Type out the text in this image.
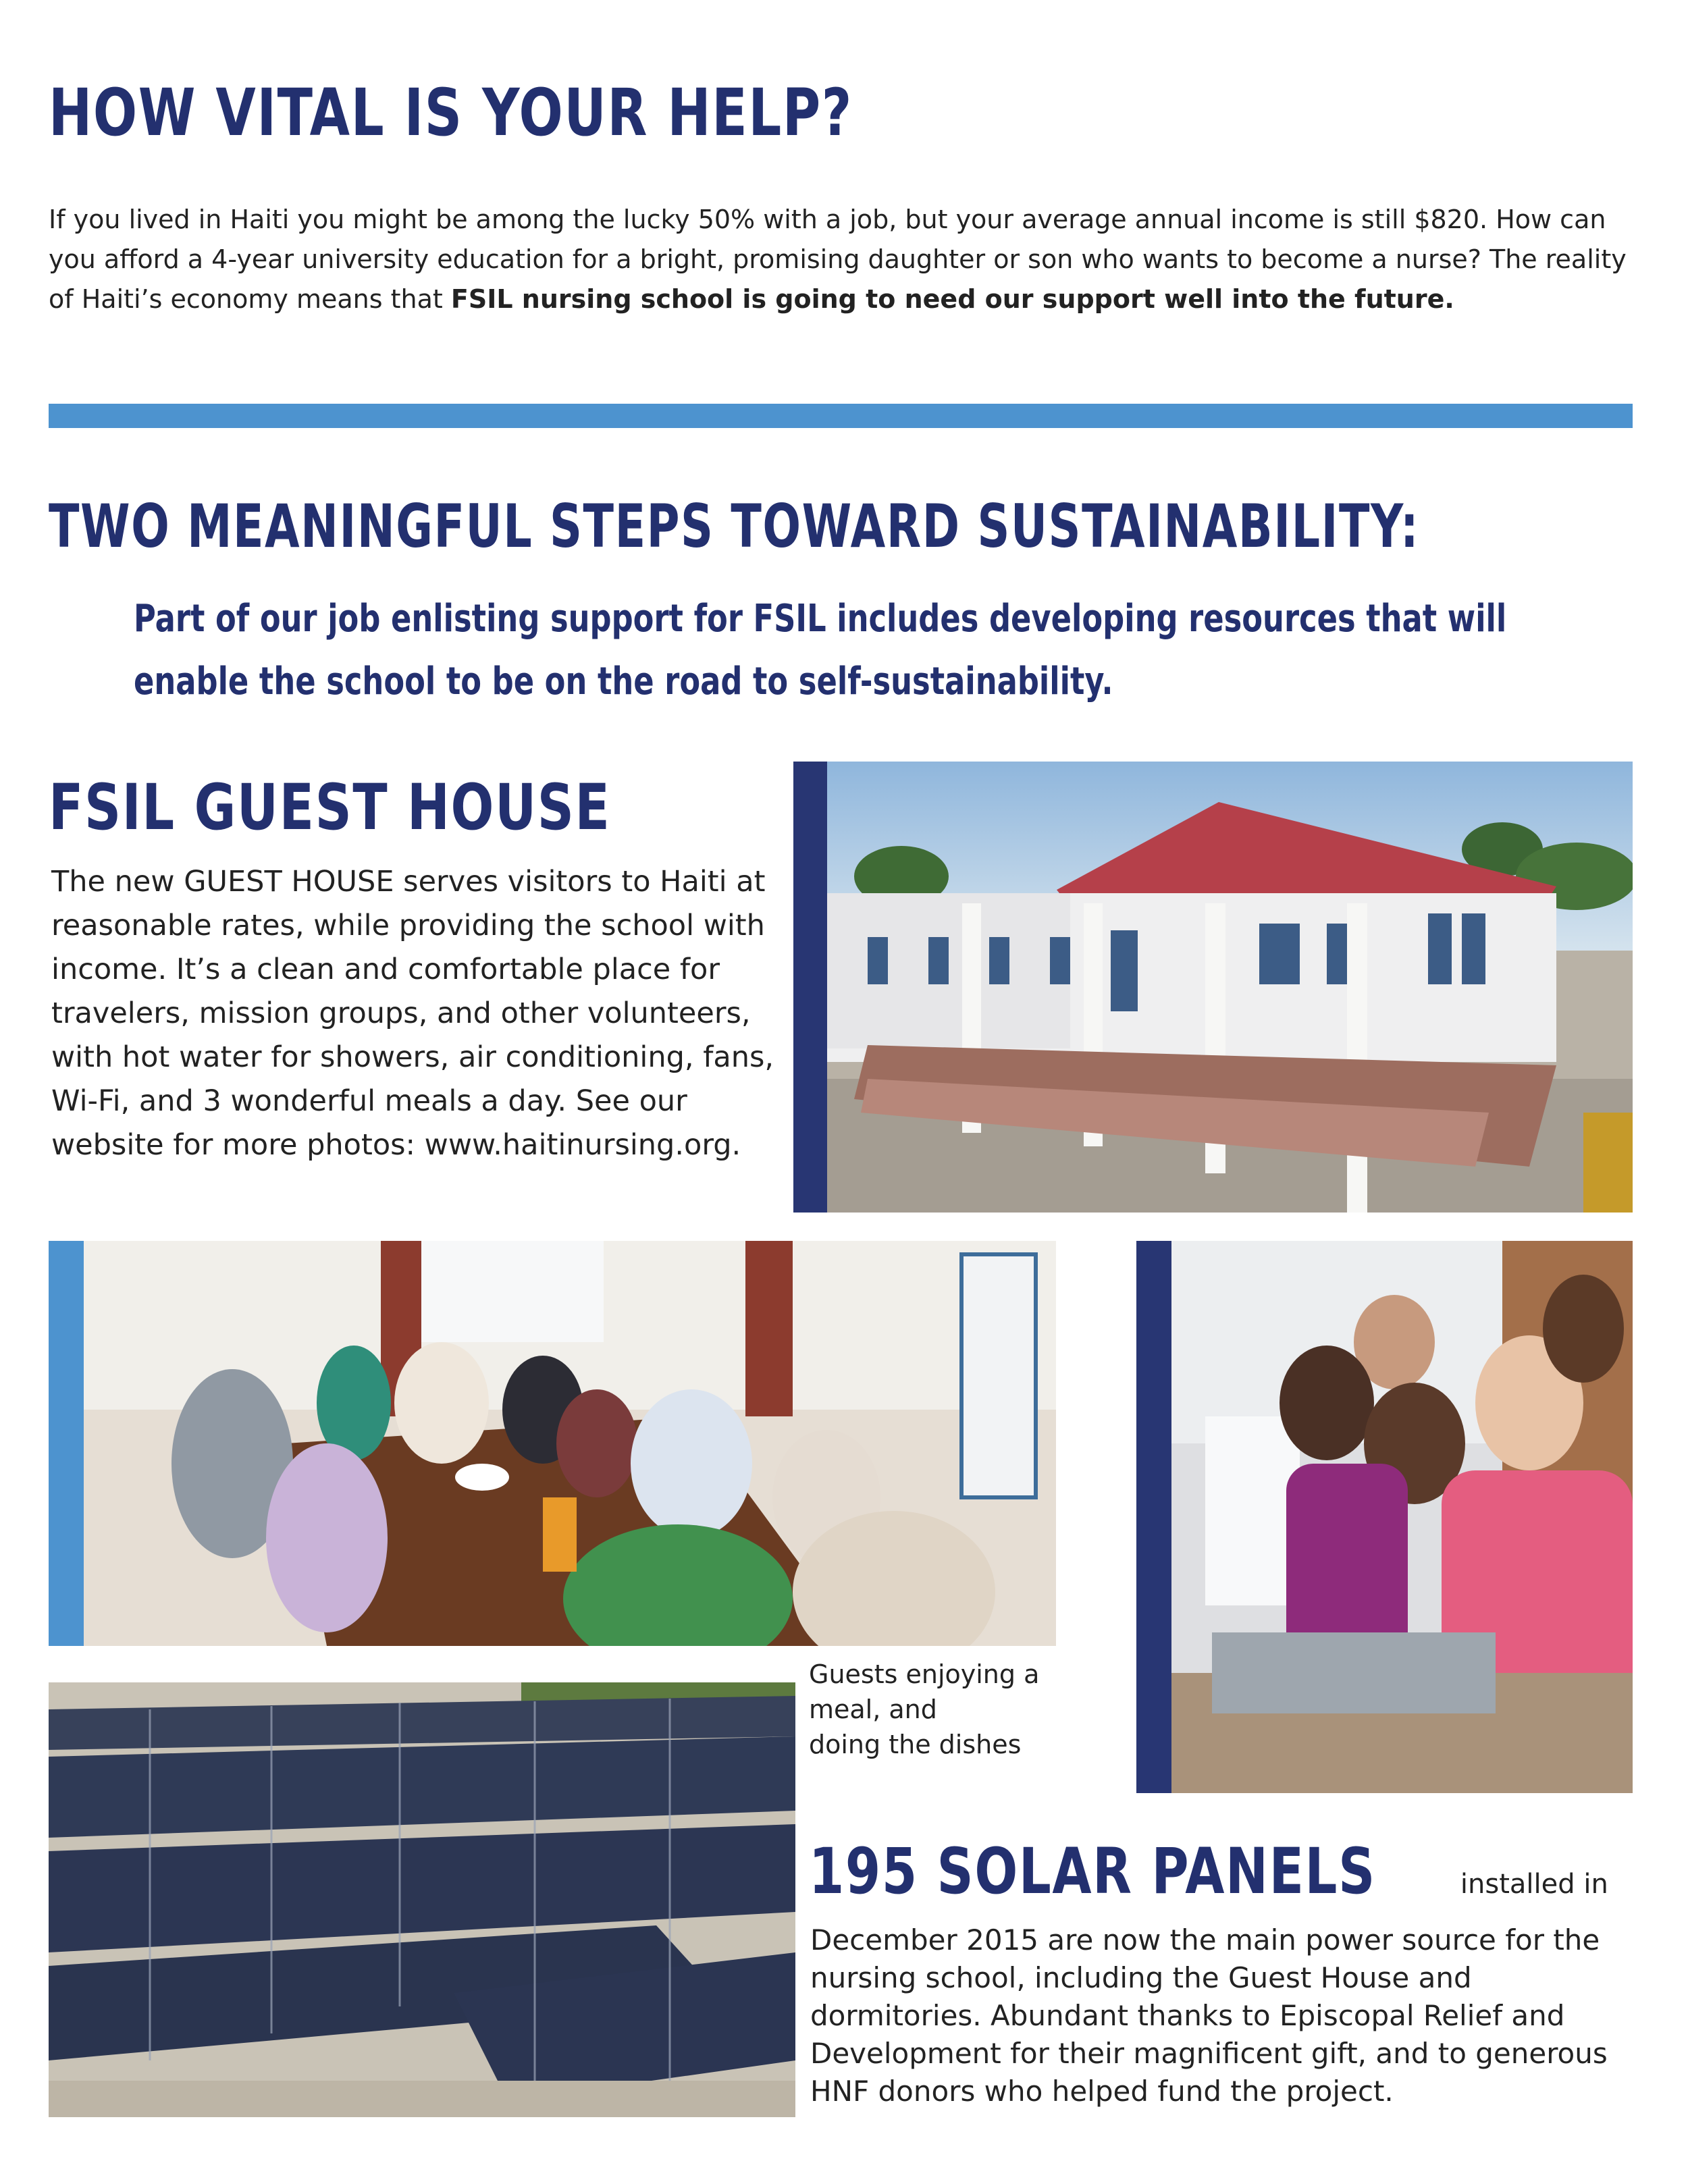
HOW VITAL IS YOUR HELP?

If you lived in Haiti you might be among the lucky 50% with a job, but your average annual income is still $820. How can you afford a 4-year university education for a bright, promising daughter or son who wants to become a nurse? The reality of Haiti’s economy means that FSIL nursing school is going to need our support well into the future.

TWO MEANINGFUL STEPS TOWARD SUSTAINABILITY:

Part of our job enlisting support for FSIL includes developing resources that will enable the school to be on the road to self-sustainability.

FSIL GUEST HOUSE

The new GUEST HOUSE serves visitors to Haiti at reasonable rates, while providing the school with income. It’s a clean and comfortable place for travelers, mission groups, and other volunteers, with hot water for showers, air conditioning, fans, Wi-Fi, and 3 wonderful meals a day. See our website for more photos: www.haitinursing.org.

Guests enjoying a
meal, and
doing the dishes
195 SOLAR PANELS	installed in

December 2015 are now the main power source for the nursing school, including the Guest House and dormitories. Abundant thanks to Episcopal Relief and Development for their magnificent gift, and to generous HNF donors who helped fund the project.
